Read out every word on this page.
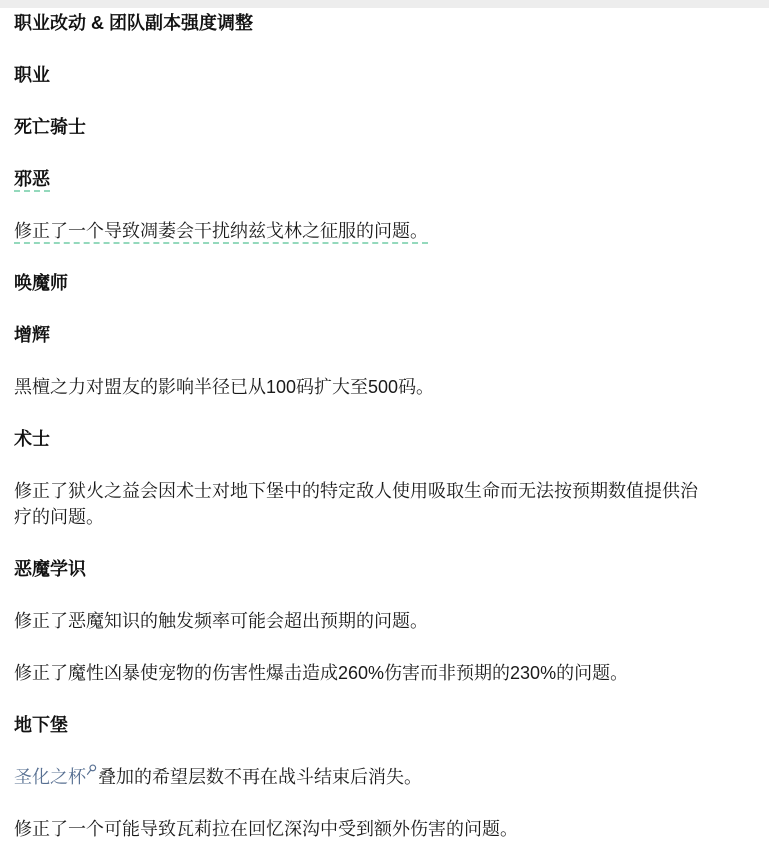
职业改动 & 团队副本强度调整
职业
死亡骑士
邪恶
修正了一个导致凋萎会干扰纳兹戈林之征服的问题。
唤魔师
增辉
黑檀之力对盟友的影响半径已从100码扩大至500码。
术士
修正了狱火之益会因术士对地下堡中的特定敌人使用吸取生命而无法按预期数值提供治疗的问题。
恶魔学识
修正了恶魔知识的触发频率可能会超出预期的问题。
修正了魔性凶暴使宠物的伤害性爆击造成260%伤害而非预期的230%的问题。
地下堡
圣化之杯 叠加的希望层数不再在战斗结束后消失。
修正了一个可能导致瓦莉拉在回忆深沟中受到额外伤害的问题。
